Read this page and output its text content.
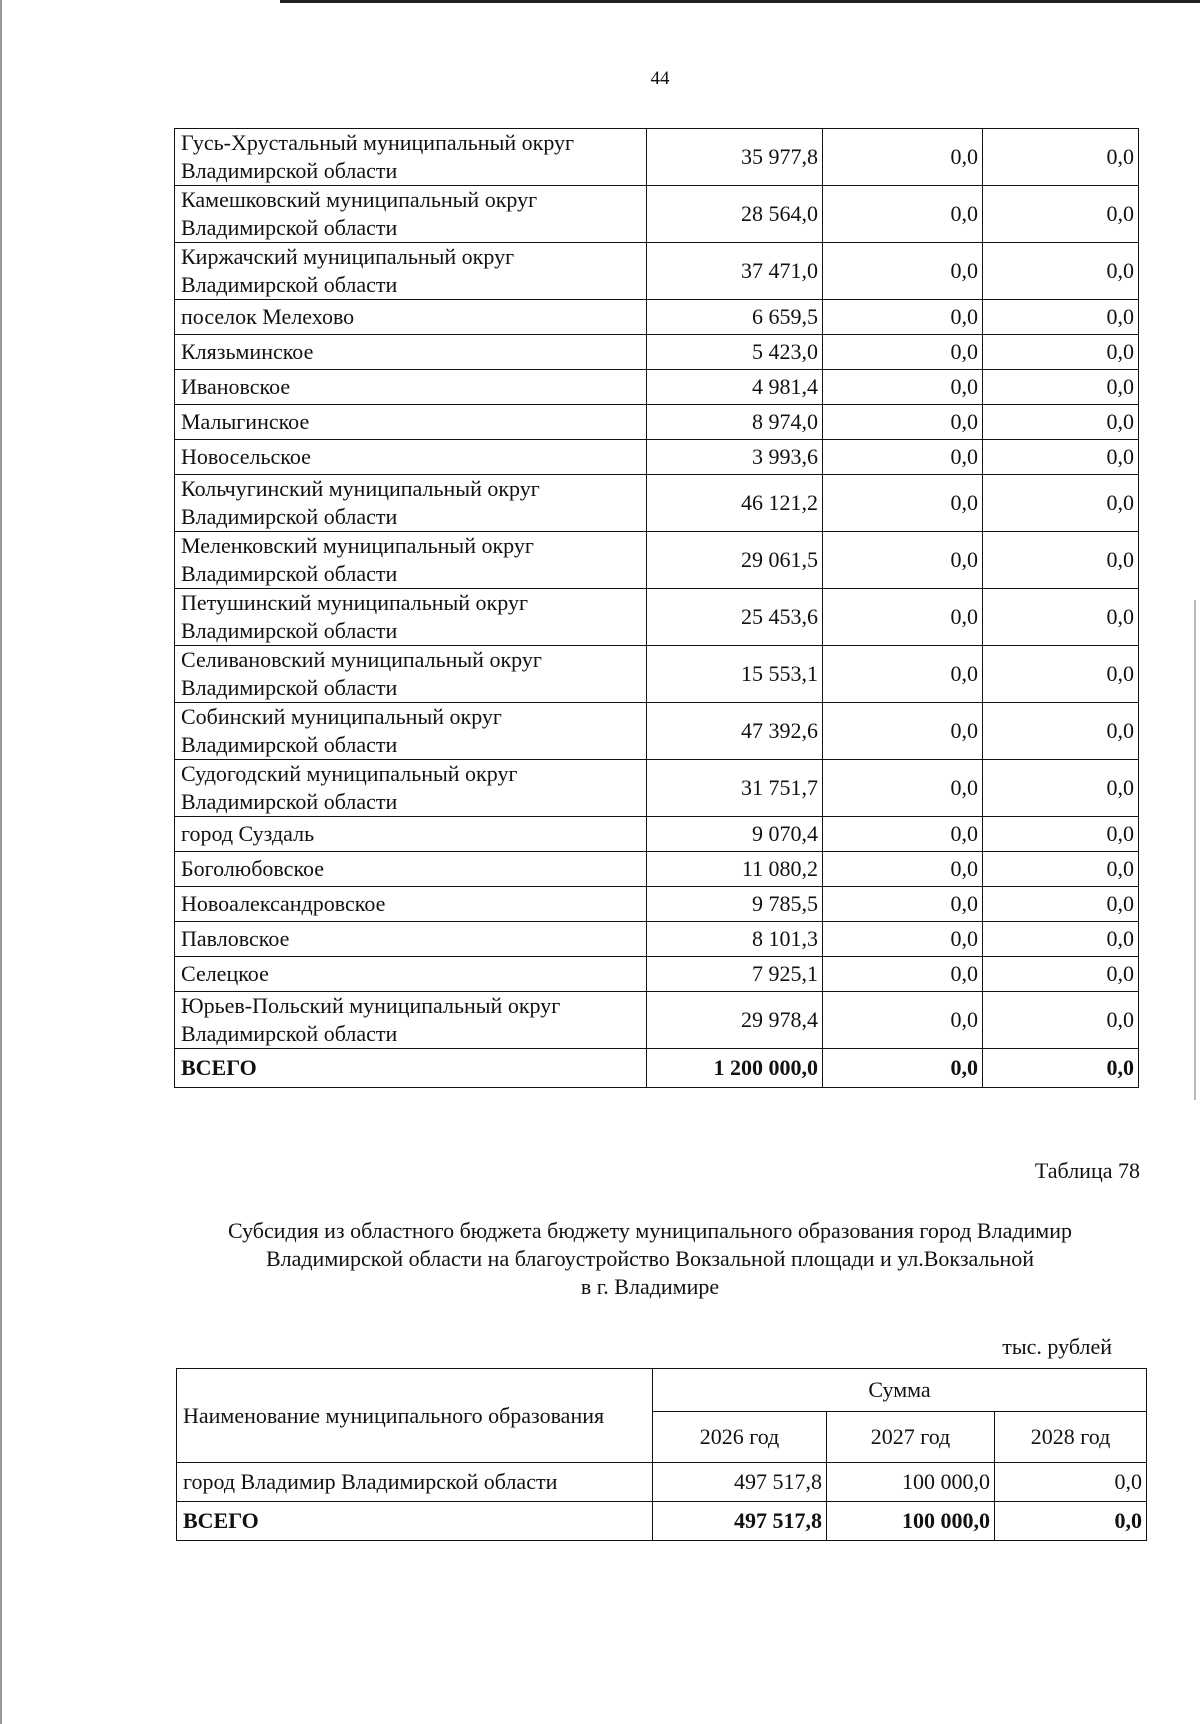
44
Гусь-Хрустальный муниципальный округ Владимирской области	35 977,8	0,0	0,0
Камешковский муниципальный округ Владимирской области	28 564,0	0,0	0,0
Киржачский муниципальный округ Владимирской области	37 471,0	0,0	0,0
поселок Мелехово	6 659,5	0,0	0,0
Клязьминское	5 423,0	0,0	0,0
Ивановское	4 981,4	0,0	0,0
Малыгинское	8 974,0	0,0	0,0
Новосельское	3 993,6	0,0	0,0
Кольчугинский муниципальный округ Владимирской области	46 121,2	0,0	0,0
Меленковский муниципальный округ Владимирской области	29 061,5	0,0	0,0
Петушинский муниципальный округ Владимирской области	25 453,6	0,0	0,0
Селивановский муниципальный округ Владимирской области	15 553,1	0,0	0,0
Собинский муниципальный округ Владимирской области	47 392,6	0,0	0,0
Судогодский муниципальный округ Владимирской области	31 751,7	0,0	0,0
город Суздаль	9 070,4	0,0	0,0
Боголюбовское	11 080,2	0,0	0,0
Новоалександровское	9 785,5	0,0	0,0
Павловское	8 101,3	0,0	0,0
Селецкое	7 925,1	0,0	0,0
Юрьев-Польский муниципальный округ Владимирской области	29 978,4	0,0	0,0
ВСЕГО	1 200 000,0	0,0	0,0
Таблица 78
Субсидия из областного бюджета бюджету муниципального образования город Владимир
Владимирской области на благоустройство Вокзальной площади и ул.Вокзальной
в г. Владимире
тыс. рублей
Наименование муниципального образования	Сумма		
	2026 год	2027 год	2028 год
город Владимир Владимирской области	497 517,8	100 000,0	0,0
ВСЕГО	497 517,8	100 000,0	0,0
